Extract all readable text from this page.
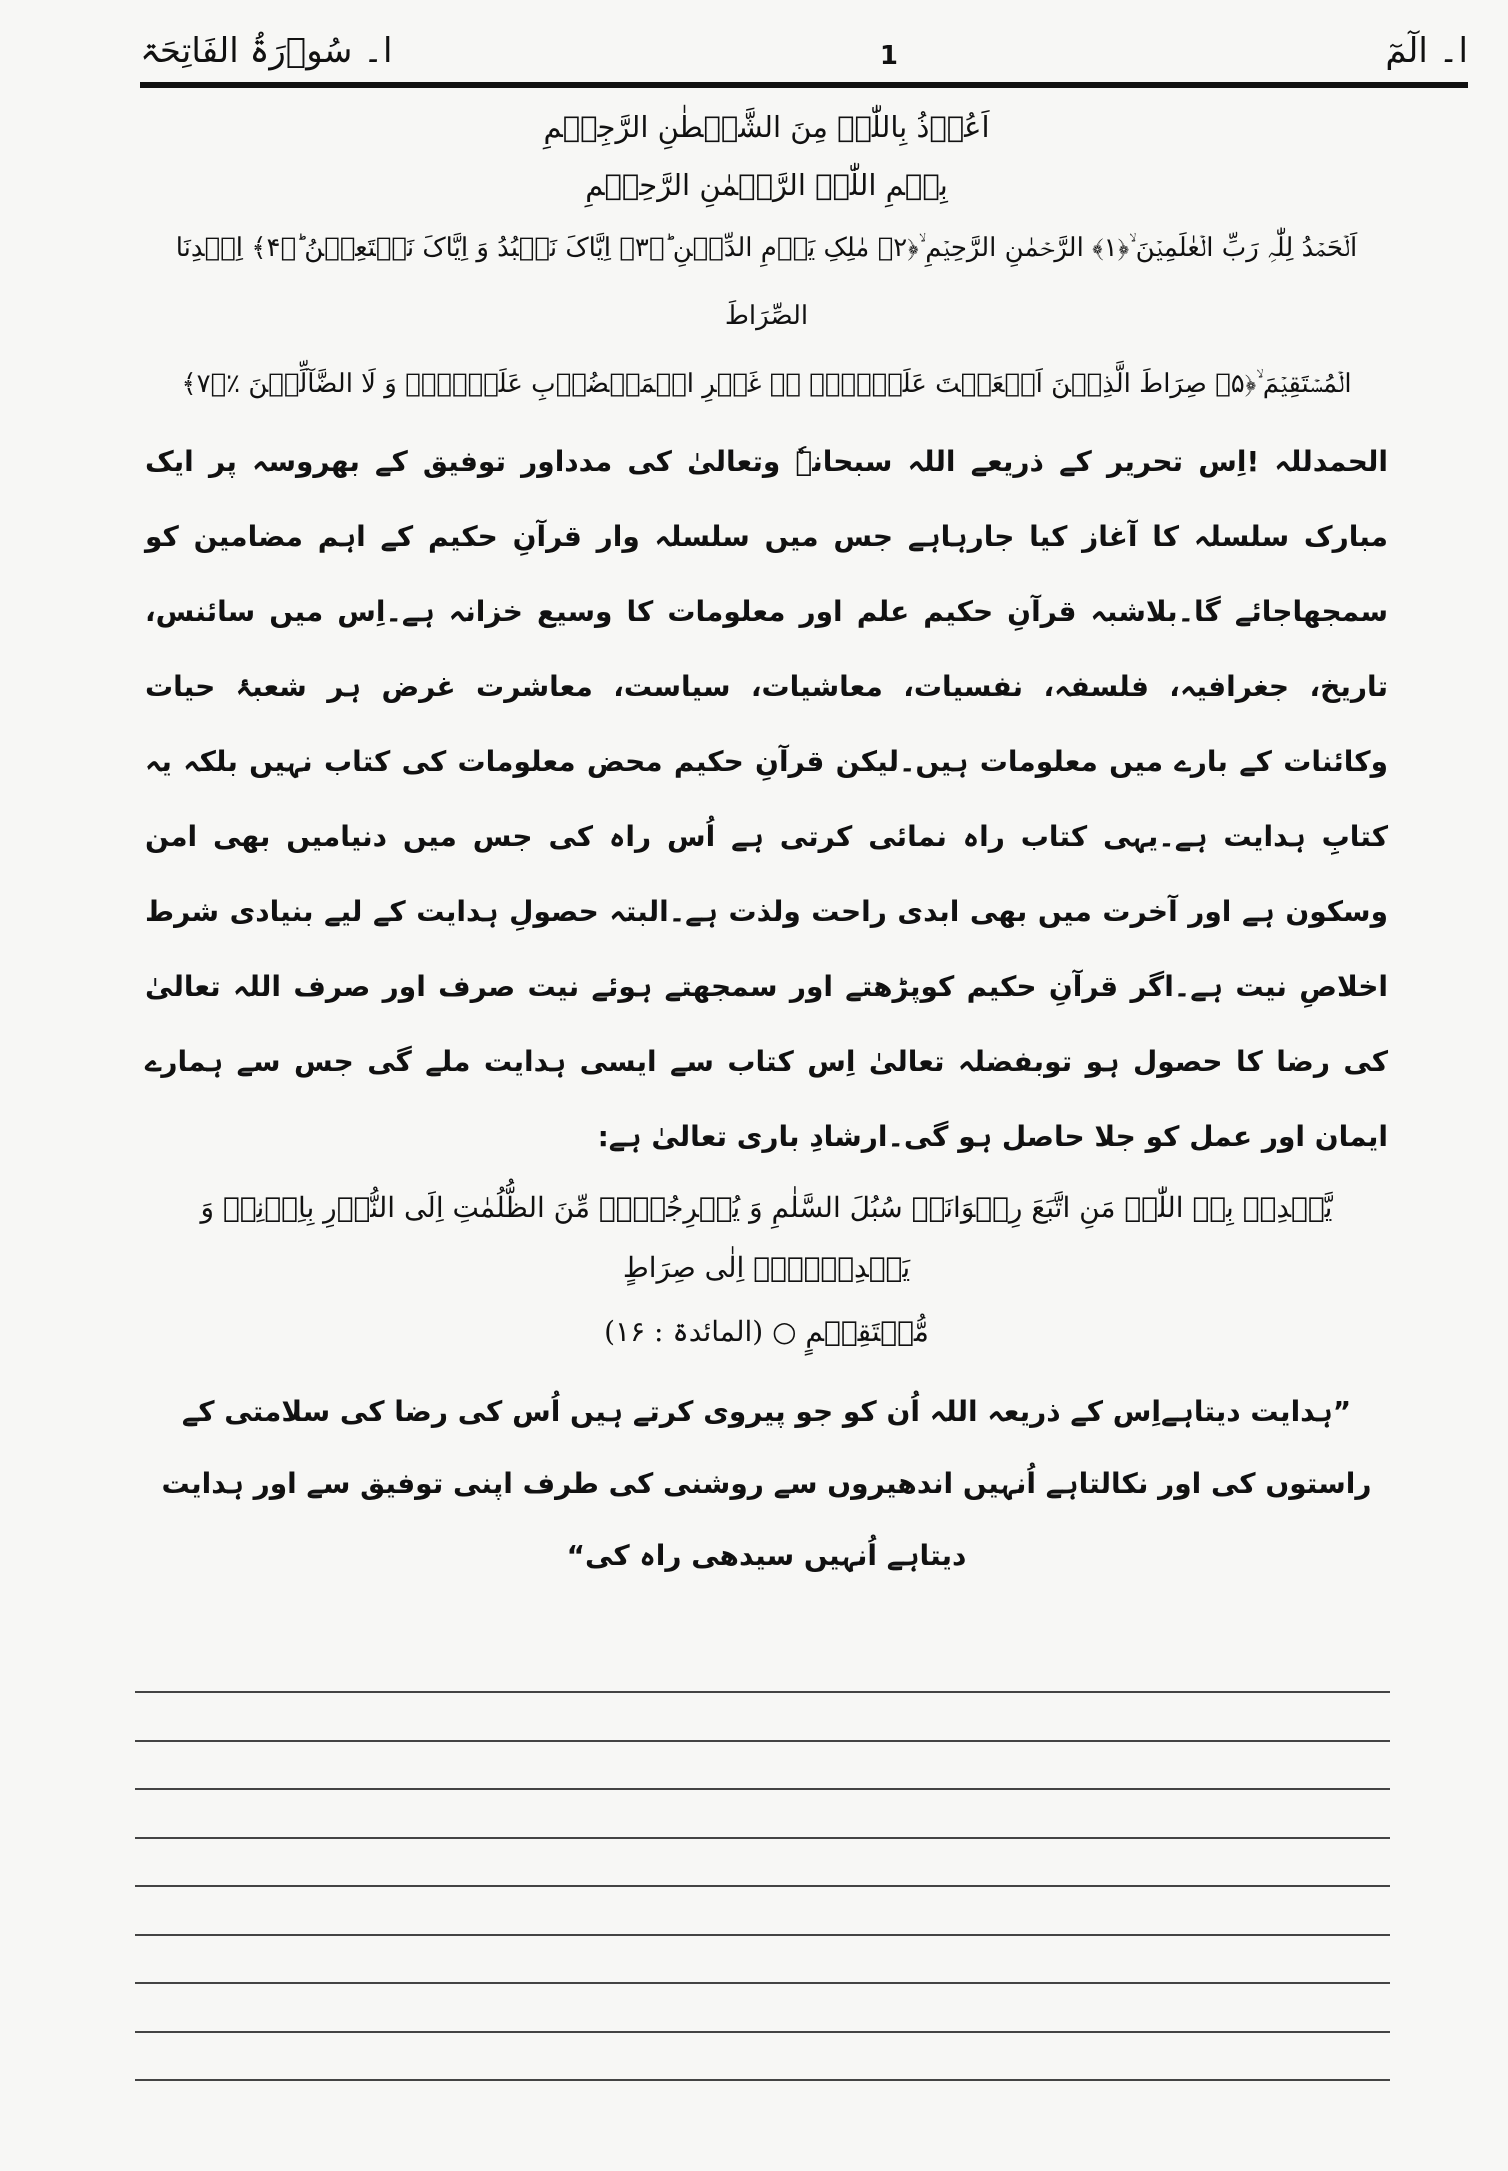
ا۔ سُوۡرَۃُ الفَاتِحَۃ	1	ا۔ الٓمٓ
اَعُوۡذُ بِاللّٰہِ مِنَ الشَّیۡطٰنِ الرَّجِیۡمِ
بِسۡمِ اللّٰہِ الرَّحۡمٰنِ الرَّحِیۡمِ
اَلۡحَمۡدُ لِلّٰہِ رَبِّ الۡعٰلَمِیۡنَ ۙ﴿۱﴾ الرَّحۡمٰنِ الرَّحِیۡمِ ۙ﴿۲﴾ مٰلِکِ یَوۡمِ الدِّیۡنِ ؕ﴿۳﴾ اِیَّاکَ نَعۡبُدُ وَ اِیَّاکَ نَسۡتَعِیۡنُ ؕ﴿۴﴾ اِہۡدِنَا الصِّرَاطَ
الۡمُسۡتَقِیۡمَ ۙ﴿۵﴾ صِرَاطَ الَّذِیۡنَ اَنۡعَمۡتَ عَلَیۡہِمۡ ۬ۙ غَیۡرِ الۡمَغۡضُوۡبِ عَلَیۡہِمۡ وَ لَا الضَّآلِّیۡنَ ٪﴿۷﴾
الحمدللہ !اِس تحریر کے ذریعے اللہ سبحانہٗ وتعالیٰ کی مدداور توفیق کے بھروسہ پر ایک مبارک سلسلہ کا آغاز کیا جارہاہے جس میں سلسلہ وار قرآنِ حکیم کے اہم مضامین کو سمجھاجائے گا۔بلاشبہ قرآنِ حکیم علم اور معلومات کا وسیع خزانہ ہے۔اِس میں سائنس، تاریخ، جغرافیہ، فلسفہ، نفسیات، معاشیات، سیاست، معاشرت غرض ہر شعبۂ حیات وکائنات کے بارے میں معلومات ہیں۔لیکن قرآنِ حکیم محض معلومات کی کتاب نہیں بلکہ یہ کتابِ ہدایت ہے۔یہی کتاب راہ نمائی کرتی ہے اُس راہ کی جس میں دنیامیں بھی امن وسکون ہے اور آخرت میں بھی ابدی راحت ولذت ہے۔البتہ حصولِ ہدایت کے لیے بنیادی شرط اخلاصِ نیت ہے۔اگر قرآنِ حکیم کوپڑھتے اور سمجھتے ہوئے نیت صرف اور صرف اللہ تعالیٰ کی رضا کا حصول ہو توبفضلہ تعالیٰ اِس کتاب سے ایسی ہدایت ملے گی جس سے ہمارے ایمان اور عمل کو جلا حاصل ہو گی۔ارشادِ باری تعالیٰ ہے:
یَّہۡدِیۡ بِہِ اللّٰہُ مَنِ اتَّبَعَ رِضۡوَانَہٗ سُبُلَ السَّلٰمِ وَ یُخۡرِجُہُمۡ مِّنَ الظُّلُمٰتِ اِلَی النُّوۡرِ بِاِذۡنِہٖ وَ یَہۡدِیۡہِمۡ اِلٰی صِرَاطٍ
مُّسۡتَقِیۡمٍ ○ (المائدۃ : ۱۶)
”ہدایت دیتاہےاِس کے ذریعہ اللہ اُن کو جو پیروی کرتے ہیں اُس کی رضا کی سلامتی کے راستوں کی اور نکالتاہے اُنہیں اندھیروں سے روشنی کی طرف اپنی توفیق سے اور ہدایت دیتاہے اُنہیں سیدھی راہ کی“
